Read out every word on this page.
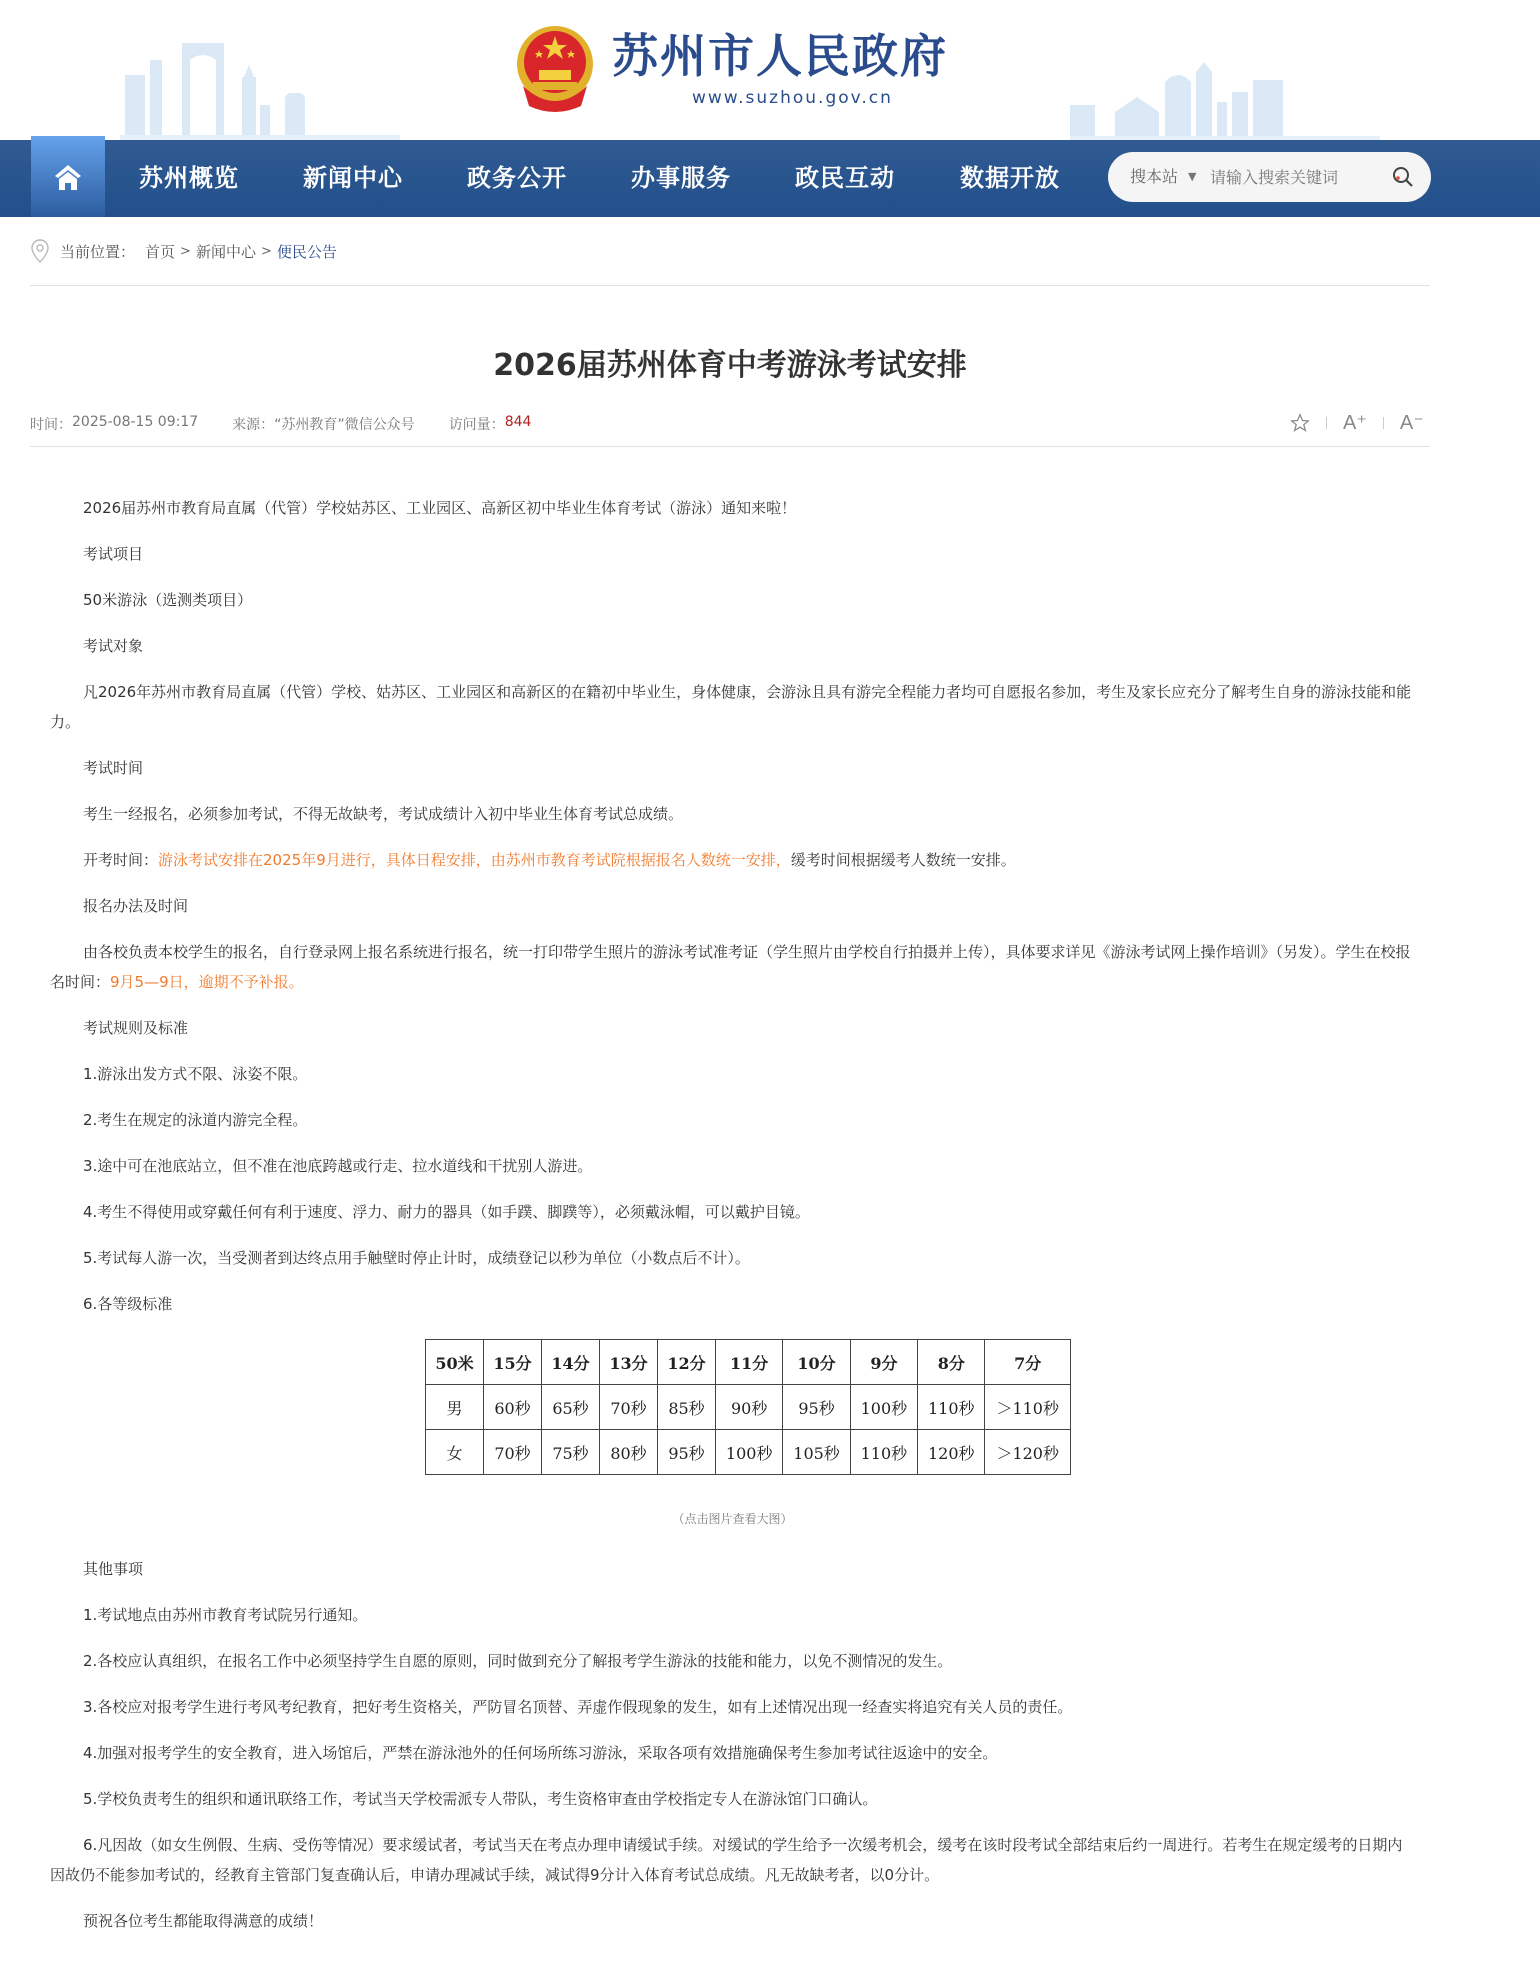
苏州市人民政府
www.suzhou.gov.cn
苏州概览	新闻中心	政务公开	办事服务	政民互动	数据开放	搜本站 ▼
请输入搜索关键词
当前位置： 首页 > 新闻中心 > 便民公告
2026届苏州体育中考游泳考试安排
时间： 2025-08-15 09:17 来源： “苏州教育”微信公众号 访问量： 844	A⁺ A⁻

2026届苏州市教育局直属（代管）学校姑苏区、工业园区、高新区初中毕业生体育考试（游泳）通知来啦！

考试项目

50米游泳（选测类项目）

考试对象

凡2026年苏州市教育局直属（代管）学校、姑苏区、工业园区和高新区的在籍初中毕业生，身体健康，会游泳且具有游完全程能力者均可自愿报名参加，考生及家长应充分了解考生自身的游泳技能和能力。

考试时间

考生一经报名，必须参加考试，不得无故缺考，考试成绩计入初中毕业生体育考试总成绩。

开考时间：游泳考试安排在2025年9月进行，具体日程安排，由苏州市教育考试院根据报名人数统一安排，缓考时间根据缓考人数统一安排。

报名办法及时间

由各校负责本校学生的报名，自行登录网上报名系统进行报名，统一打印带学生照片的游泳考试准考证（学生照片由学校自行拍摄并上传），具体要求详见《游泳考试网上操作培训》（另发）。学生在校报名时间：9月5—9日，逾期不予补报。

考试规则及标准

1.游泳出发方式不限、泳姿不限。

2.考生在规定的泳道内游完全程。

3.途中可在池底站立，但不准在池底跨越或行走、拉水道线和干扰别人游进。

4.考生不得使用或穿戴任何有利于速度、浮力、耐力的器具（如手蹼、脚蹼等），必须戴泳帽，可以戴护目镜。

5.考试每人游一次，当受测者到达终点用手触壁时停止计时，成绩登记以秒为单位（小数点后不计）。

6.各等级标准

50米	15分	14分	13分	12分	11分	10分	9分	8分	7分
男	60秒	65秒	70秒	85秒	90秒	95秒	100秒	110秒	＞110秒
女	70秒	75秒	80秒	95秒	100秒	105秒	110秒	120秒	＞120秒

（点击图片查看大图）

其他事项

1.考试地点由苏州市教育考试院另行通知。

2.各校应认真组织，在报名工作中必须坚持学生自愿的原则，同时做到充分了解报考学生游泳的技能和能力，以免不测情况的发生。

3.各校应对报考学生进行考风考纪教育，把好考生资格关，严防冒名顶替、弄虚作假现象的发生，如有上述情况出现一经查实将追究有关人员的责任。

4.加强对报考学生的安全教育，进入场馆后，严禁在游泳池外的任何场所练习游泳，采取各项有效措施确保考生参加考试往返途中的安全。

5.学校负责考生的组织和通讯联络工作，考试当天学校需派专人带队，考生资格审查由学校指定专人在游泳馆门口确认。

6.凡因故（如女生例假、生病、受伤等情况）要求缓试者，考试当天在考点办理申请缓试手续。对缓试的学生给予一次缓考机会，缓考在该时段考试全部结束后约一周进行。若考生在规定缓考的日期内因故仍不能参加考试的，经教育主管部门复查确认后，申请办理减试手续，减试得9分计入体育考试总成绩。凡无故缺考者，以0分计。

预祝各位考生都能取得满意的成绩！
